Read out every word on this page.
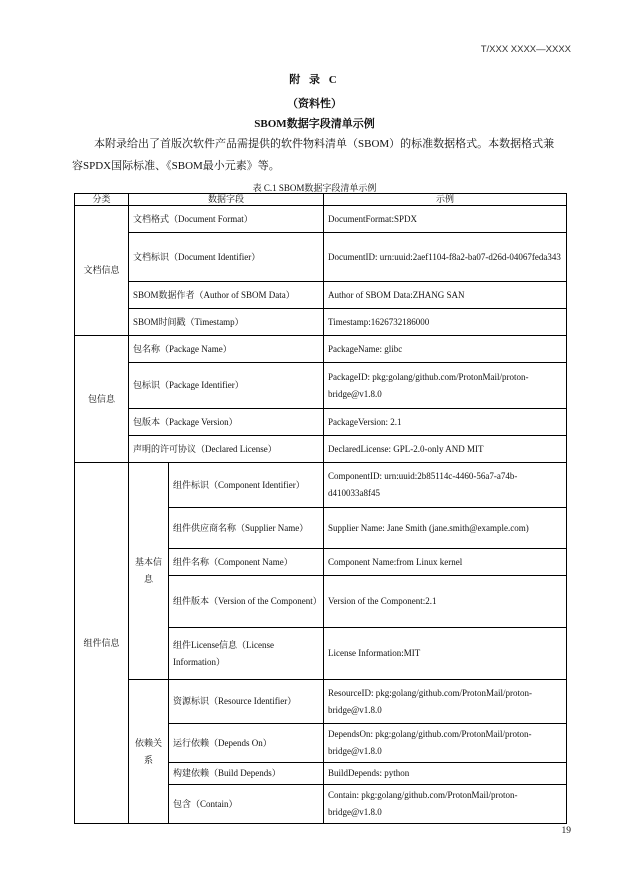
T/XXX XXXX—XXXX
附 录 C
（资料性）
SBOM数据字段清单示例
本附录给出了首版次软件产品需提供的软件物料清单（SBOM）的标准数据格式。本数据格式兼容SPDX国际标准、《SBOM最小元素》等。
表 C.1 SBOM数据字段清单示例
分类	数据字段		示例
文档信息	文档格式（Document Format）		DocumentFormat:SPDX
	文档标识（Document Identifier）		DocumentID: urn:uuid:2aef1104-f8a2-ba07-d26d-04067feda343
	SBOM数据作者（Author of SBOM Data）		Author of SBOM Data:ZHANG SAN
	SBOM时间戳（Timestamp）		Timestamp:1626732186000
包信息	包名称（Package Name）		PackageName: glibc
	包标识（Package Identifier）		PackageID: pkg:golang/github.com/ProtonMail/proton-bridge@v1.8.0
	包版本（Package Version）		PackageVersion: 2.1
	声明的许可协议（Declared License）		DeclaredLicense: GPL-2.0-only AND MIT
组件信息	基本信息	组件标识（Component Identifier）	ComponentID: urn:uuid:2b85114c-4460-56a7-a74b-d410033a8f45
		组件供应商名称（Supplier Name）	Supplier Name: Jane Smith (jane.smith@example.com)
		组件名称（Component Name）	Component Name:from Linux kernel
		组件版本（Version of the Component）	Version of the Component:2.1
		组件License信息（License Information）	License Information:MIT
	依赖关系	资源标识（Resource Identifier）	ResourceID: pkg:golang/github.com/ProtonMail/proton-bridge@v1.8.0
		运行依赖（Depends On）	DependsOn: pkg:golang/github.com/ProtonMail/proton-bridge@v1.8.0
		构建依赖（Build Depends）	BuildDepends: python
		包含（Contain）	Contain: pkg:golang/github.com/ProtonMail/proton-bridge@v1.8.0
19
